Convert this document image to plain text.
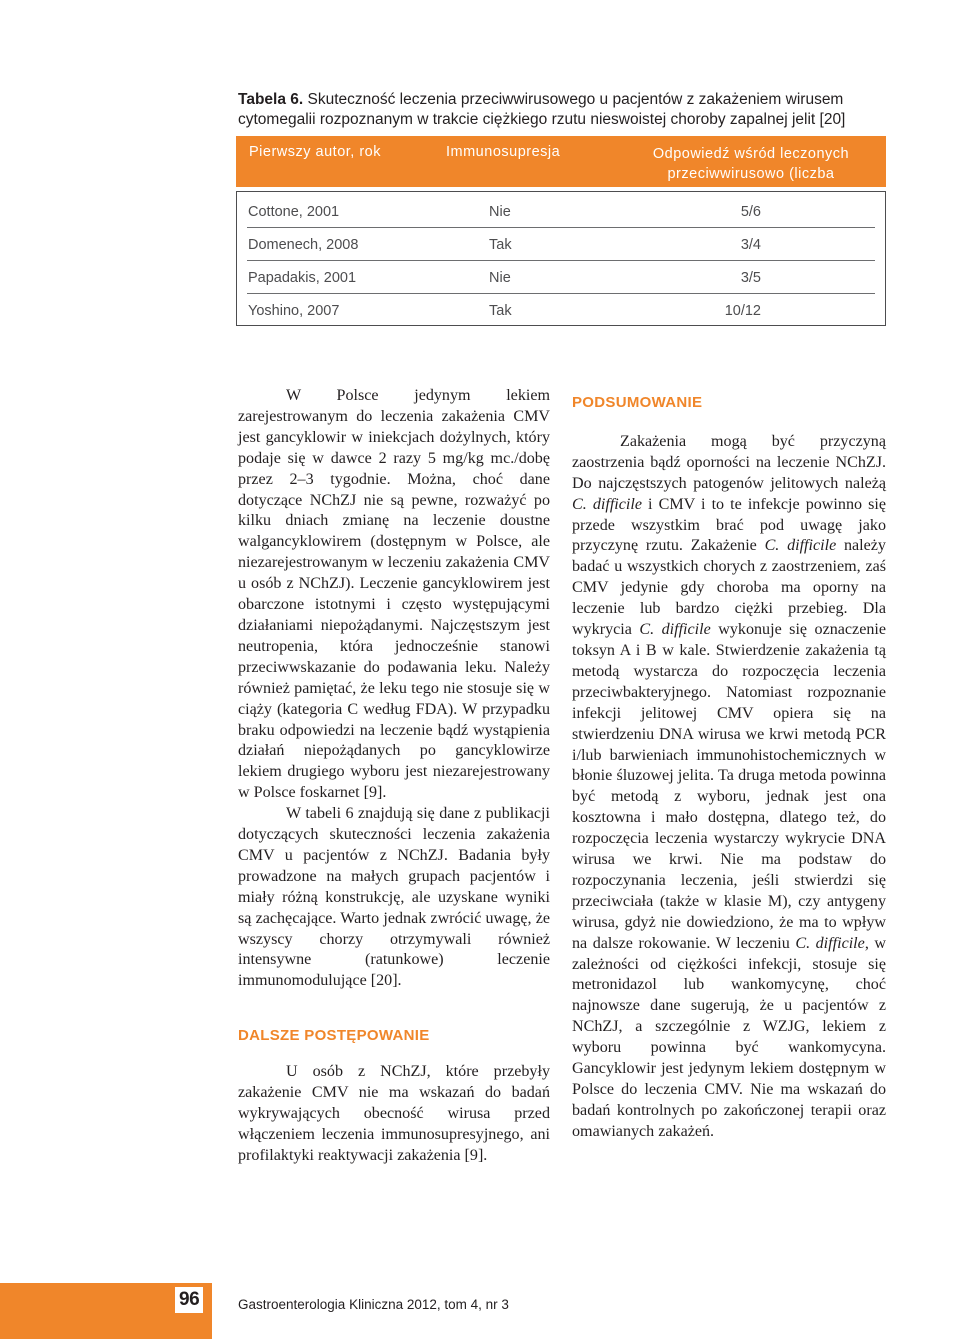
Tabela 6. Skuteczność leczenia przeciwwirusowego u pacjentów z zakażeniem wirusem cytomegalii rozpoznanym w trakcie ciężkiego rzutu nieswoistej choroby zapalnej jelit [20]
Pierwszy autor, rok	Immunosupresja	Odpowiedź wśród leczonych przeciwwirusowo (liczba pacjentów)
Cottone, 2001	Nie	5/6
Domenech, 2008	Tak	3/4
Papadakis, 2001	Nie	3/5
Yoshino, 2007	Tak	10/12

W Polsce jedynym lekiem zarejestrowanym do leczenia zakażenia CMV jest gancyklowir w iniekcjach dożylnych, który podaje się w dawce 2 razy 5 mg/kg mc./dobę przez 2–3 tygodnie. Można, choć dane dotyczące NChZJ nie są pewne, rozważyć po kilku dniach zmianę na leczenie doustne walgancyklowirem (dostępnym w Polsce, ale niezarejestrowanym w leczeniu zakażenia CMV u osób z NChZJ). Leczenie gancyklowirem jest obarczone istotnymi i często występującymi działaniami niepożądanymi. Najczęstszym jest neutropenia, która jednocześnie stanowi przeciwwskazanie do podawania leku. Należy również pamiętać, że leku tego nie stosuje się w ciąży (kategoria C według FDA). W przypadku braku odpowiedzi na leczenie bądź wystąpienia działań niepożądanych po gancyklowirze lekiem drugiego wyboru jest niezarejestrowany w Polsce foskarnet [9].

W tabeli 6 znajdują się dane z publikacji dotyczących skuteczności leczenia zakażenia CMV u pacjentów z NChZJ. Badania były prowadzone na małych grupach pacjentów i miały różną konstrukcję, ale uzyskane wyniki są zachęcające. Warto jednak zwrócić uwagę, że wszyscy chorzy otrzymywali również intensywne (ratunkowe) leczenie immunomodulujące [20].

DALSZE POSTĘPOWANIE

U osób z NChZJ, które przebyły zakażenie CMV nie ma wskazań do badań wykrywających obecność wirusa przed włączeniem leczenia immunosupresyjnego, ani profilaktyki reaktywacji zakażenia [9].

PODSUMOWANIE

Zakażenia mogą być przyczyną zaostrzenia bądź oporności na leczenie NChZJ. Do najczęstszych patogenów jelitowych należą C. difficile i CMV i to te infekcje powinno się przede wszystkim brać pod uwagę jako przyczynę rzutu. Zakażenie C. difficile należy badać u wszystkich chorych z zaostrzeniem, zaś CMV jedynie gdy choroba ma oporny na leczenie lub bardzo ciężki przebieg. Dla wykrycia C. difficile wykonuje się oznaczenie toksyn A i B w kale. Stwierdzenie zakażenia tą metodą wystarcza do rozpoczęcia leczenia przeciwbakteryjnego. Natomiast rozpoznanie infekcji jelitowej CMV opiera się na stwierdzeniu DNA wirusa we krwi metodą PCR i/lub barwieniach immunohistochemicznych w błonie śluzowej jelita. Ta druga metoda powinna być metodą z wyboru, jednak jest ona kosztowna i mało dostępna, dlatego też, do rozpoczęcia leczenia wystarczy wykrycie DNA wirusa we krwi. Nie ma podstaw do rozpoczynania leczenia, jeśli stwierdzi się przeciwciała (także w klasie M), czy antygeny wirusa, gdyż nie dowiedziono, że ma to wpływ na dalsze rokowanie. W leczeniu C. difficile, w zależności od ciężkości infekcji, stosuje się metronidazol lub wankomycynę, choć najnowsze dane sugerują, że u pacjentów z NChZJ, a szczególnie z WZJG, lekiem z wyboru powinna być wankomycyna. Gancyklowir jest jedynym lekiem dostępnym w Polsce do leczenia CMV. Nie ma wskazań do badań kontrolnych po zakończonej terapii oraz omawianych zakażeń.

96	Gastroenterologia Kliniczna 2012, tom 4, nr 3
